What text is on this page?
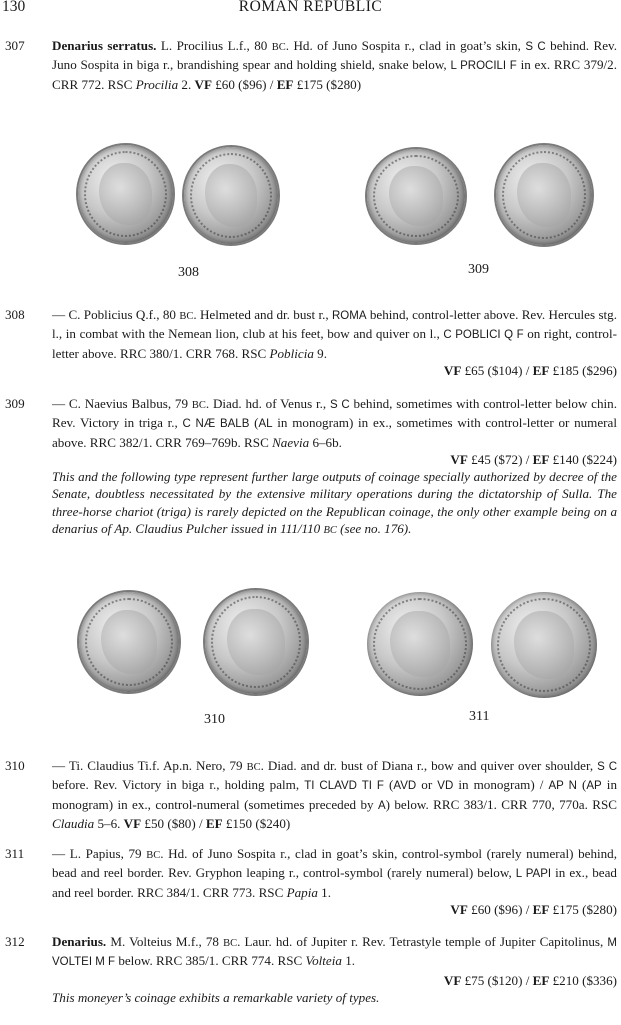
130	ROMAN REPUBLIC
307 Denarius serratus. L. Procilius L.f., 80 BC. Hd. of Juno Sospita r., clad in goat’s skin, S C behind. Rev. Juno Sospita in biga r., brandishing spear and holding shield, snake below, L PROCILI F in ex. RRC 379/2. CRR 772. RSC Procilia 2. VF £60 ($96) / EF £175 ($280)
308	309
308 — C. Poblicius Q.f., 80 BC. Helmeted and dr. bust r., ROMA behind, control-letter above. Rev. Hercules stg. l., in combat with the Nemean lion, club at his feet, bow and quiver on l., C POBLICI Q F on right, control-letter above. RRC 380/1. CRR 768. RSC Poblicia 9.
VF £65 ($104) / EF £185 ($296)
309 — C. Naevius Balbus, 79 BC. Diad. hd. of Venus r., S C behind, sometimes with control-letter below chin. Rev. Victory in triga r., C NÆ BALB (AL in monogram) in ex., sometimes with control-letter or numeral above. RRC 382/1. CRR 769–769b. RSC Naevia 6–6b.
VF £45 ($72) / EF £140 ($224)
This and the following type represent further large outputs of coinage specially authorized by decree of the Senate, doubtless necessitated by the extensive military operations during the dictatorship of Sulla. The three-horse chariot (triga) is rarely depicted on the Republican coinage, the only other example being on a denarius of Ap. Claudius Pulcher issued in 111/110 BC (see no. 176).
310	311
310 — Ti. Claudius Ti.f. Ap.n. Nero, 79 BC. Diad. and dr. bust of Diana r., bow and quiver over shoulder, S C before. Rev. Victory in biga r., holding palm, TI CLAVD TI F (AVD or VD in monogram) / AP N (AP in monogram) in ex., control-numeral (sometimes preceded by A) below. RRC 383/1. CRR 770, 770a. RSC Claudia 5–6. VF £50 ($80) / EF £150 ($240)
311 — L. Papius, 79 BC. Hd. of Juno Sospita r., clad in goat’s skin, control-symbol (rarely numeral) behind, bead and reel border. Rev. Gryphon leaping r., control-symbol (rarely numeral) below, L PAPI in ex., bead and reel border. RRC 384/1. CRR 773. RSC Papia 1.
VF £60 ($96) / EF £175 ($280)
312 Denarius. M. Volteius M.f., 78 BC. Laur. hd. of Jupiter r. Rev. Tetrastyle temple of Jupiter Capitolinus, M VOLTEI M F below. RRC 385/1. CRR 774. RSC Volteia 1.
VF £75 ($120) / EF £210 ($336)
This moneyer’s coinage exhibits a remarkable variety of types.
